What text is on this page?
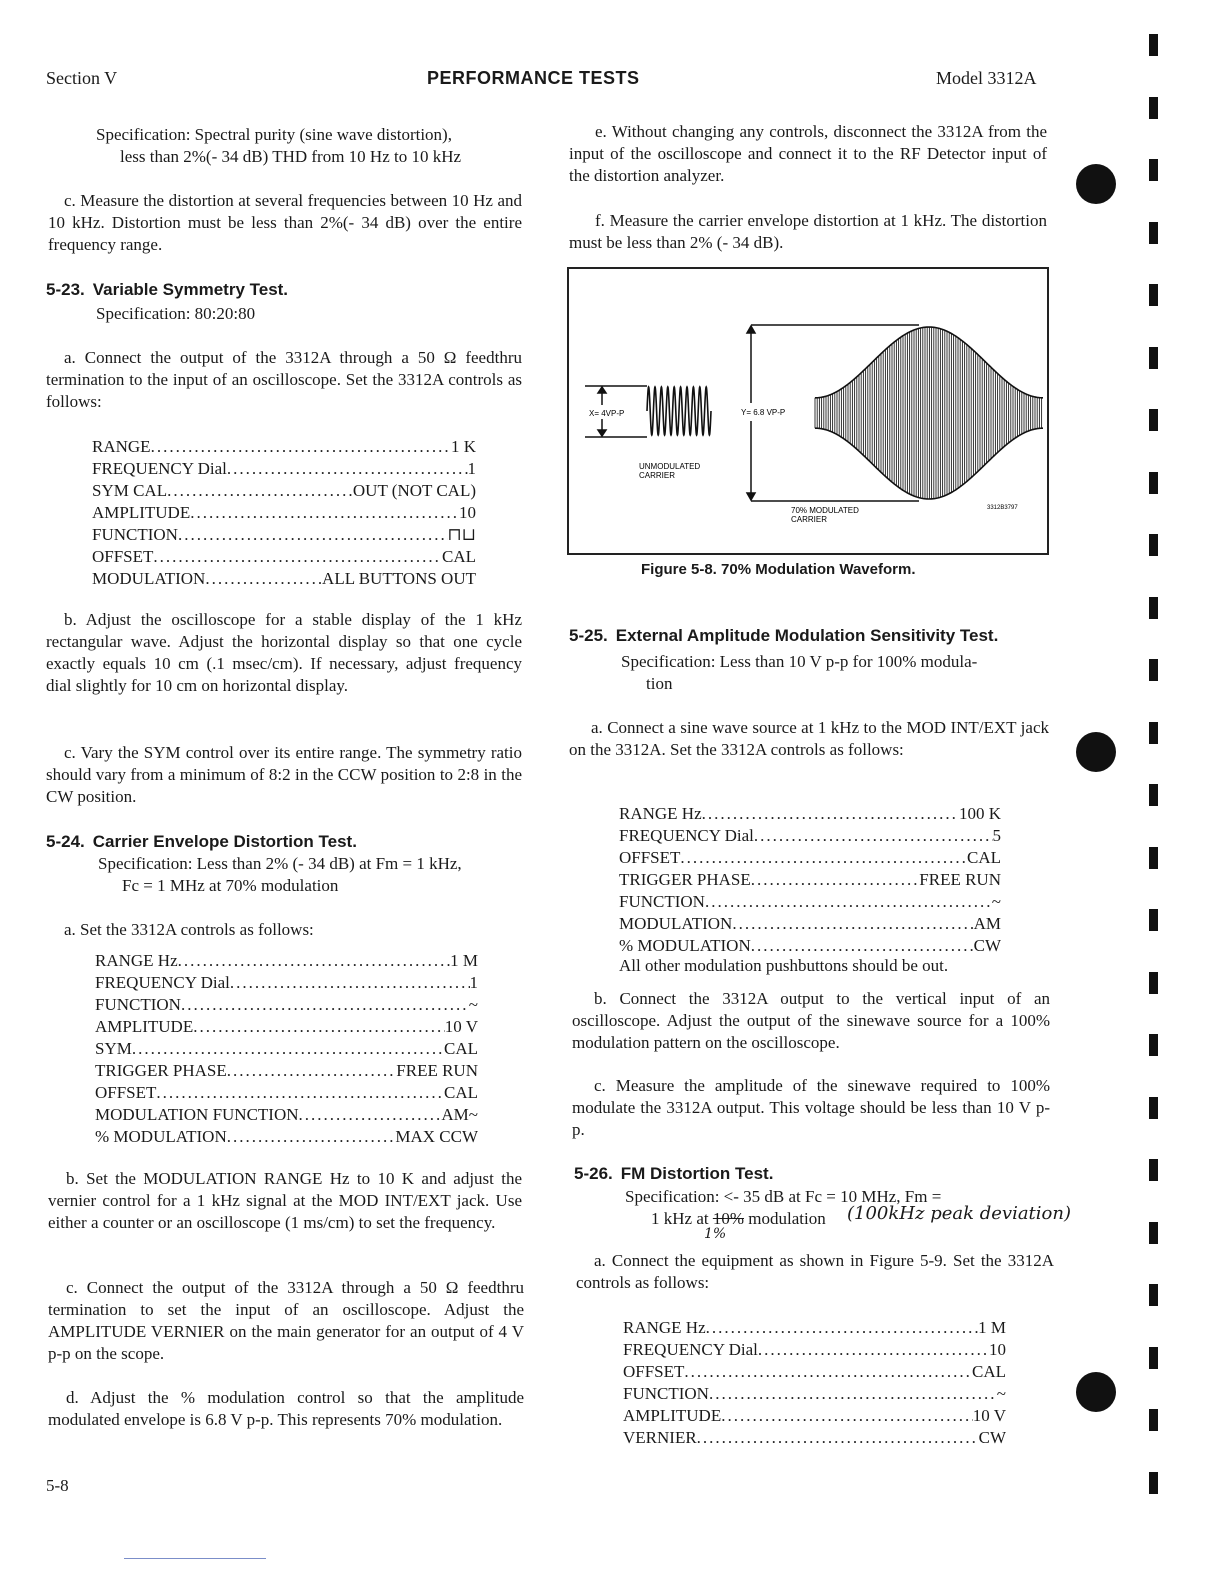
Section V	PERFORMANCE TESTS	Model 3312A
Specification: Spectral purity (sine wave distortion),
less than 2%(- 34 dB) THD from 10 Hz to 10 kHz

c. Measure the distortion at several frequencies between 10 Hz and 10 kHz. Distortion must be less than 2%(- 34 dB) over the entire frequency range.

5-23. Variable Symmetry Test.
Specification: 80:20:80

a. Connect the output of the 3312A through a 50 Ω feedthru termination to the input of an oscilloscope. Set the 3312A controls as follows:

RANGE .....	1 K
FREQUENCY Dial .....	1
SYM CAL .....	OUT (NOT CAL)
AMPLITUDE .....	10
FUNCTION .....	⊓⊔
OFFSET .....	CAL
MODULATION .....	ALL BUTTONS OUT

b. Adjust the oscilloscope for a stable display of the 1 kHz rectangular wave. Adjust the horizontal display so that one cycle exactly equals 10 cm (.1 msec/cm). If necessary, adjust frequency dial slightly for 10 cm on horizontal display.

c. Vary the SYM control over its entire range. The symmetry ratio should vary from a minimum of 8:2 in the CCW position to 2:8 in the CW position.

5-24. Carrier Envelope Distortion Test.
Specification: Less than 2% (- 34 dB) at Fm = 1 kHz,
Fc = 1 MHz at 70% modulation

a. Set the 3312A controls as follows:

RANGE Hz .....	1 M
FREQUENCY Dial .....	1
FUNCTION .....	~
AMPLITUDE .....	10 V
SYM .....	CAL
TRIGGER PHASE .....	FREE RUN
OFFSET .....	CAL
MODULATION FUNCTION .....	AM~
% MODULATION .....	MAX CCW

b. Set the MODULATION RANGE Hz to 10 K and adjust the vernier control for a 1 kHz signal at the MOD INT/EXT jack. Use either a counter or an oscilloscope (1 ms/cm) to set the frequency.

c. Connect the output of the 3312A through a 50 Ω feedthru termination to set the input of an oscilloscope. Adjust the AMPLITUDE VERNIER on the main generator for an output of 4 V p-p on the scope.

d. Adjust the % modulation control so that the amplitude modulated envelope is 6.8 V p-p. This represents 70% modulation.

e. Without changing any controls, disconnect the 3312A from the input of the oscilloscope and connect it to the RF Detector input of the distortion analyzer.

f. Measure the carrier envelope distortion at 1 kHz. The distortion must be less than 2% (- 34 dB).

X= 4VP-P	Y= 6.8 VP-P
UNMODULATED
CARRIER
70% MODULATED
CARRIER
3312B3797
Figure 5-8. 70% Modulation Waveform.
5-25. External Amplitude Modulation Sensitivity Test.
Specification: Less than 10 V p-p for 100% modula-
tion

a. Connect a sine wave source at 1 kHz to the MOD INT/EXT jack on the 3312A. Set the 3312A controls as follows:

RANGE Hz .....	100 K
FREQUENCY Dial .....	5
OFFSET .....	CAL
TRIGGER PHASE .....	FREE RUN
FUNCTION .....	~
MODULATION .....	AM
% MODULATION .....	CW
All other modulation pushbuttons should be out.

b. Connect the 3312A output to the vertical input of an oscilloscope. Adjust the output of the sinewave source for a 100% modulation pattern on the oscilloscope.

c. Measure the amplitude of the sinewave required to 100% modulate the 3312A output. This voltage should be less than 10 V p-p.

5-26. FM Distortion Test.
Specification: <- 35 dB at Fc = 10 MHz, Fm =
1 kHz at 10% modulation (100kHz peak deviation)
1%

a. Connect the equipment as shown in Figure 5-9. Set the 3312A controls as follows:

RANGE Hz .....	1 M
FREQUENCY Dial .....	10
OFFSET .....	CAL
FUNCTION .....	~
AMPLITUDE .....	10 V
VERNIER .....	CW
5-8
